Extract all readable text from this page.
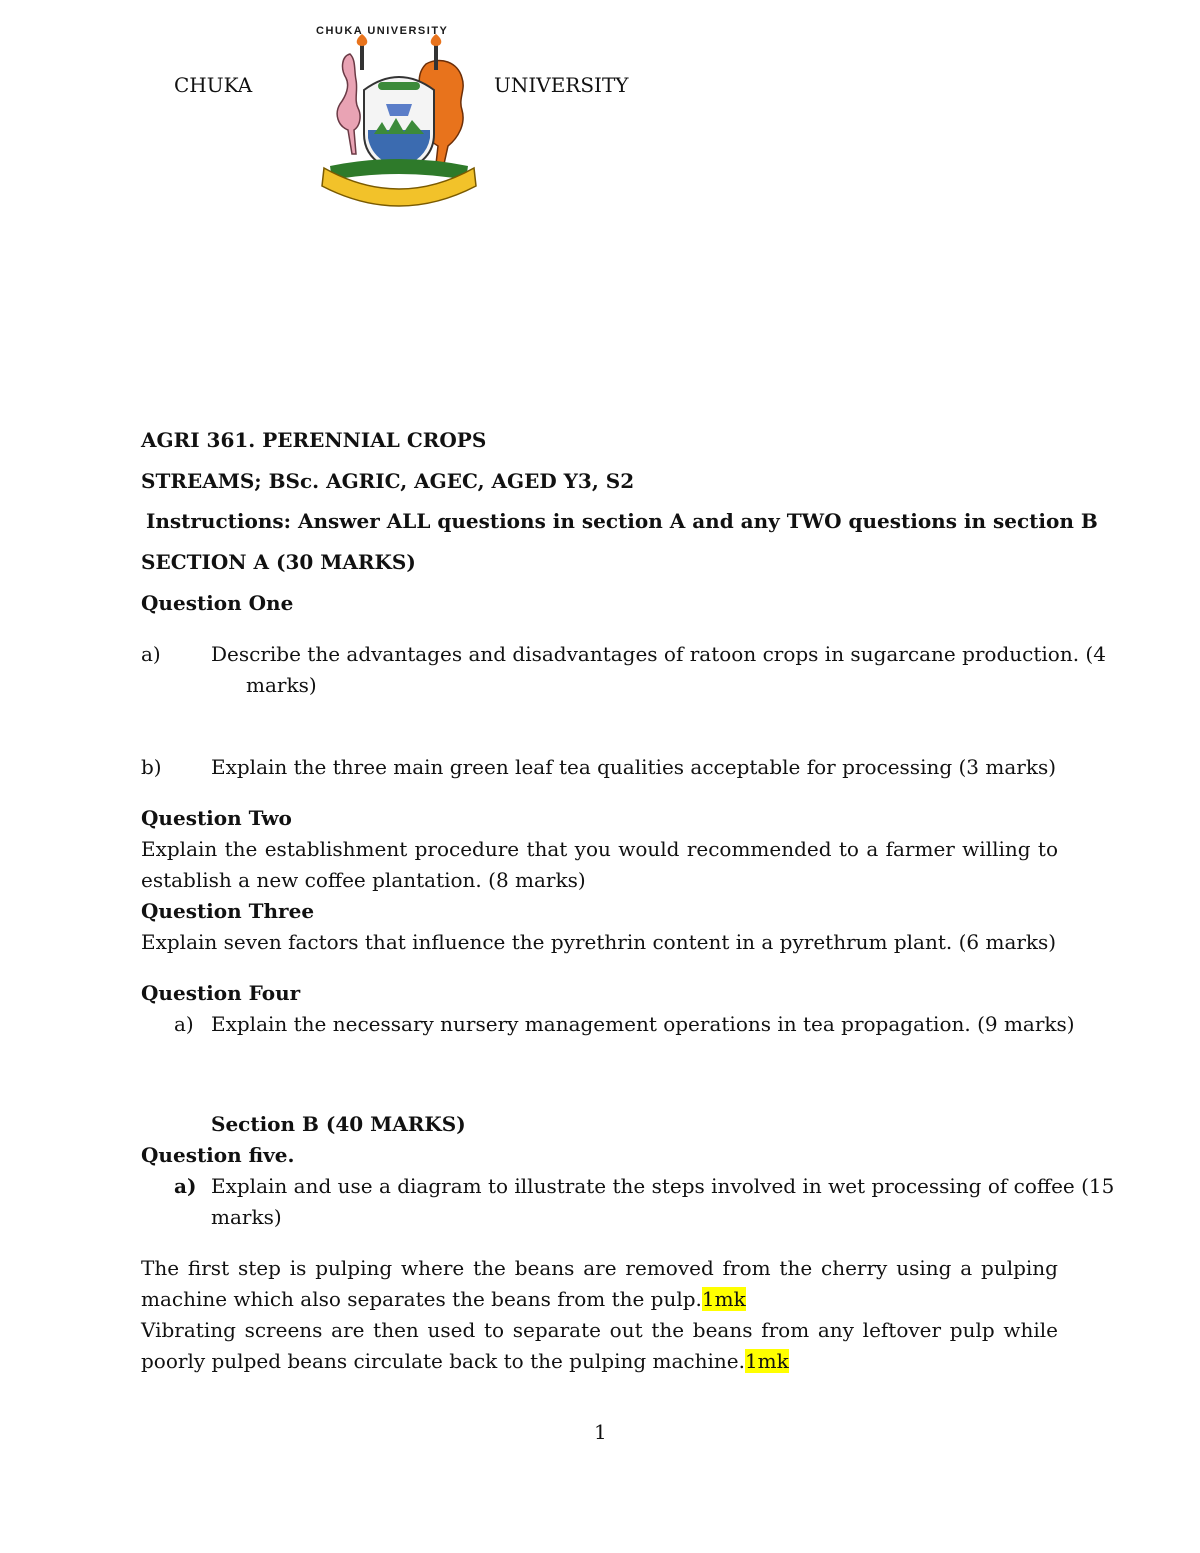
CHUKA
CHUKA UNIVERSITY
UNIVERSITY
AGRI 361. PERENNIAL CROPS
STREAMS; BSc. AGRIC, AGEC, AGED Y3, S2
Instructions: Answer ALL questions in section A and any TWO questions in section B
SECTION A (30 MARKS)
Question One
a)	Describe the advantages and disadvantages of ratoon crops in sugarcane production. (4
marks)
b) Explain the three main green leaf tea qualities acceptable for processing (3 marks)
Question Two
Explain the establishment procedure that you would recommended to a farmer willing to establish a new coffee plantation. (8 marks)
Question Three
Explain seven factors that influence the pyrethrin content in a pyrethrum plant. (6 marks)
Question Four
a) Explain the necessary nursery management operations in tea propagation. (9 marks)
Section B (40 MARKS)
Question five.
a) Explain and use a diagram to illustrate the steps involved in wet processing of coffee (15
marks)
The first step is pulping where the beans are removed from the cherry using a pulping machine which also separates the beans from the pulp.1mk
Vibrating screens are then used to separate out the beans from any leftover pulp while poorly pulped beans circulate back to the pulping machine.1mk
1
